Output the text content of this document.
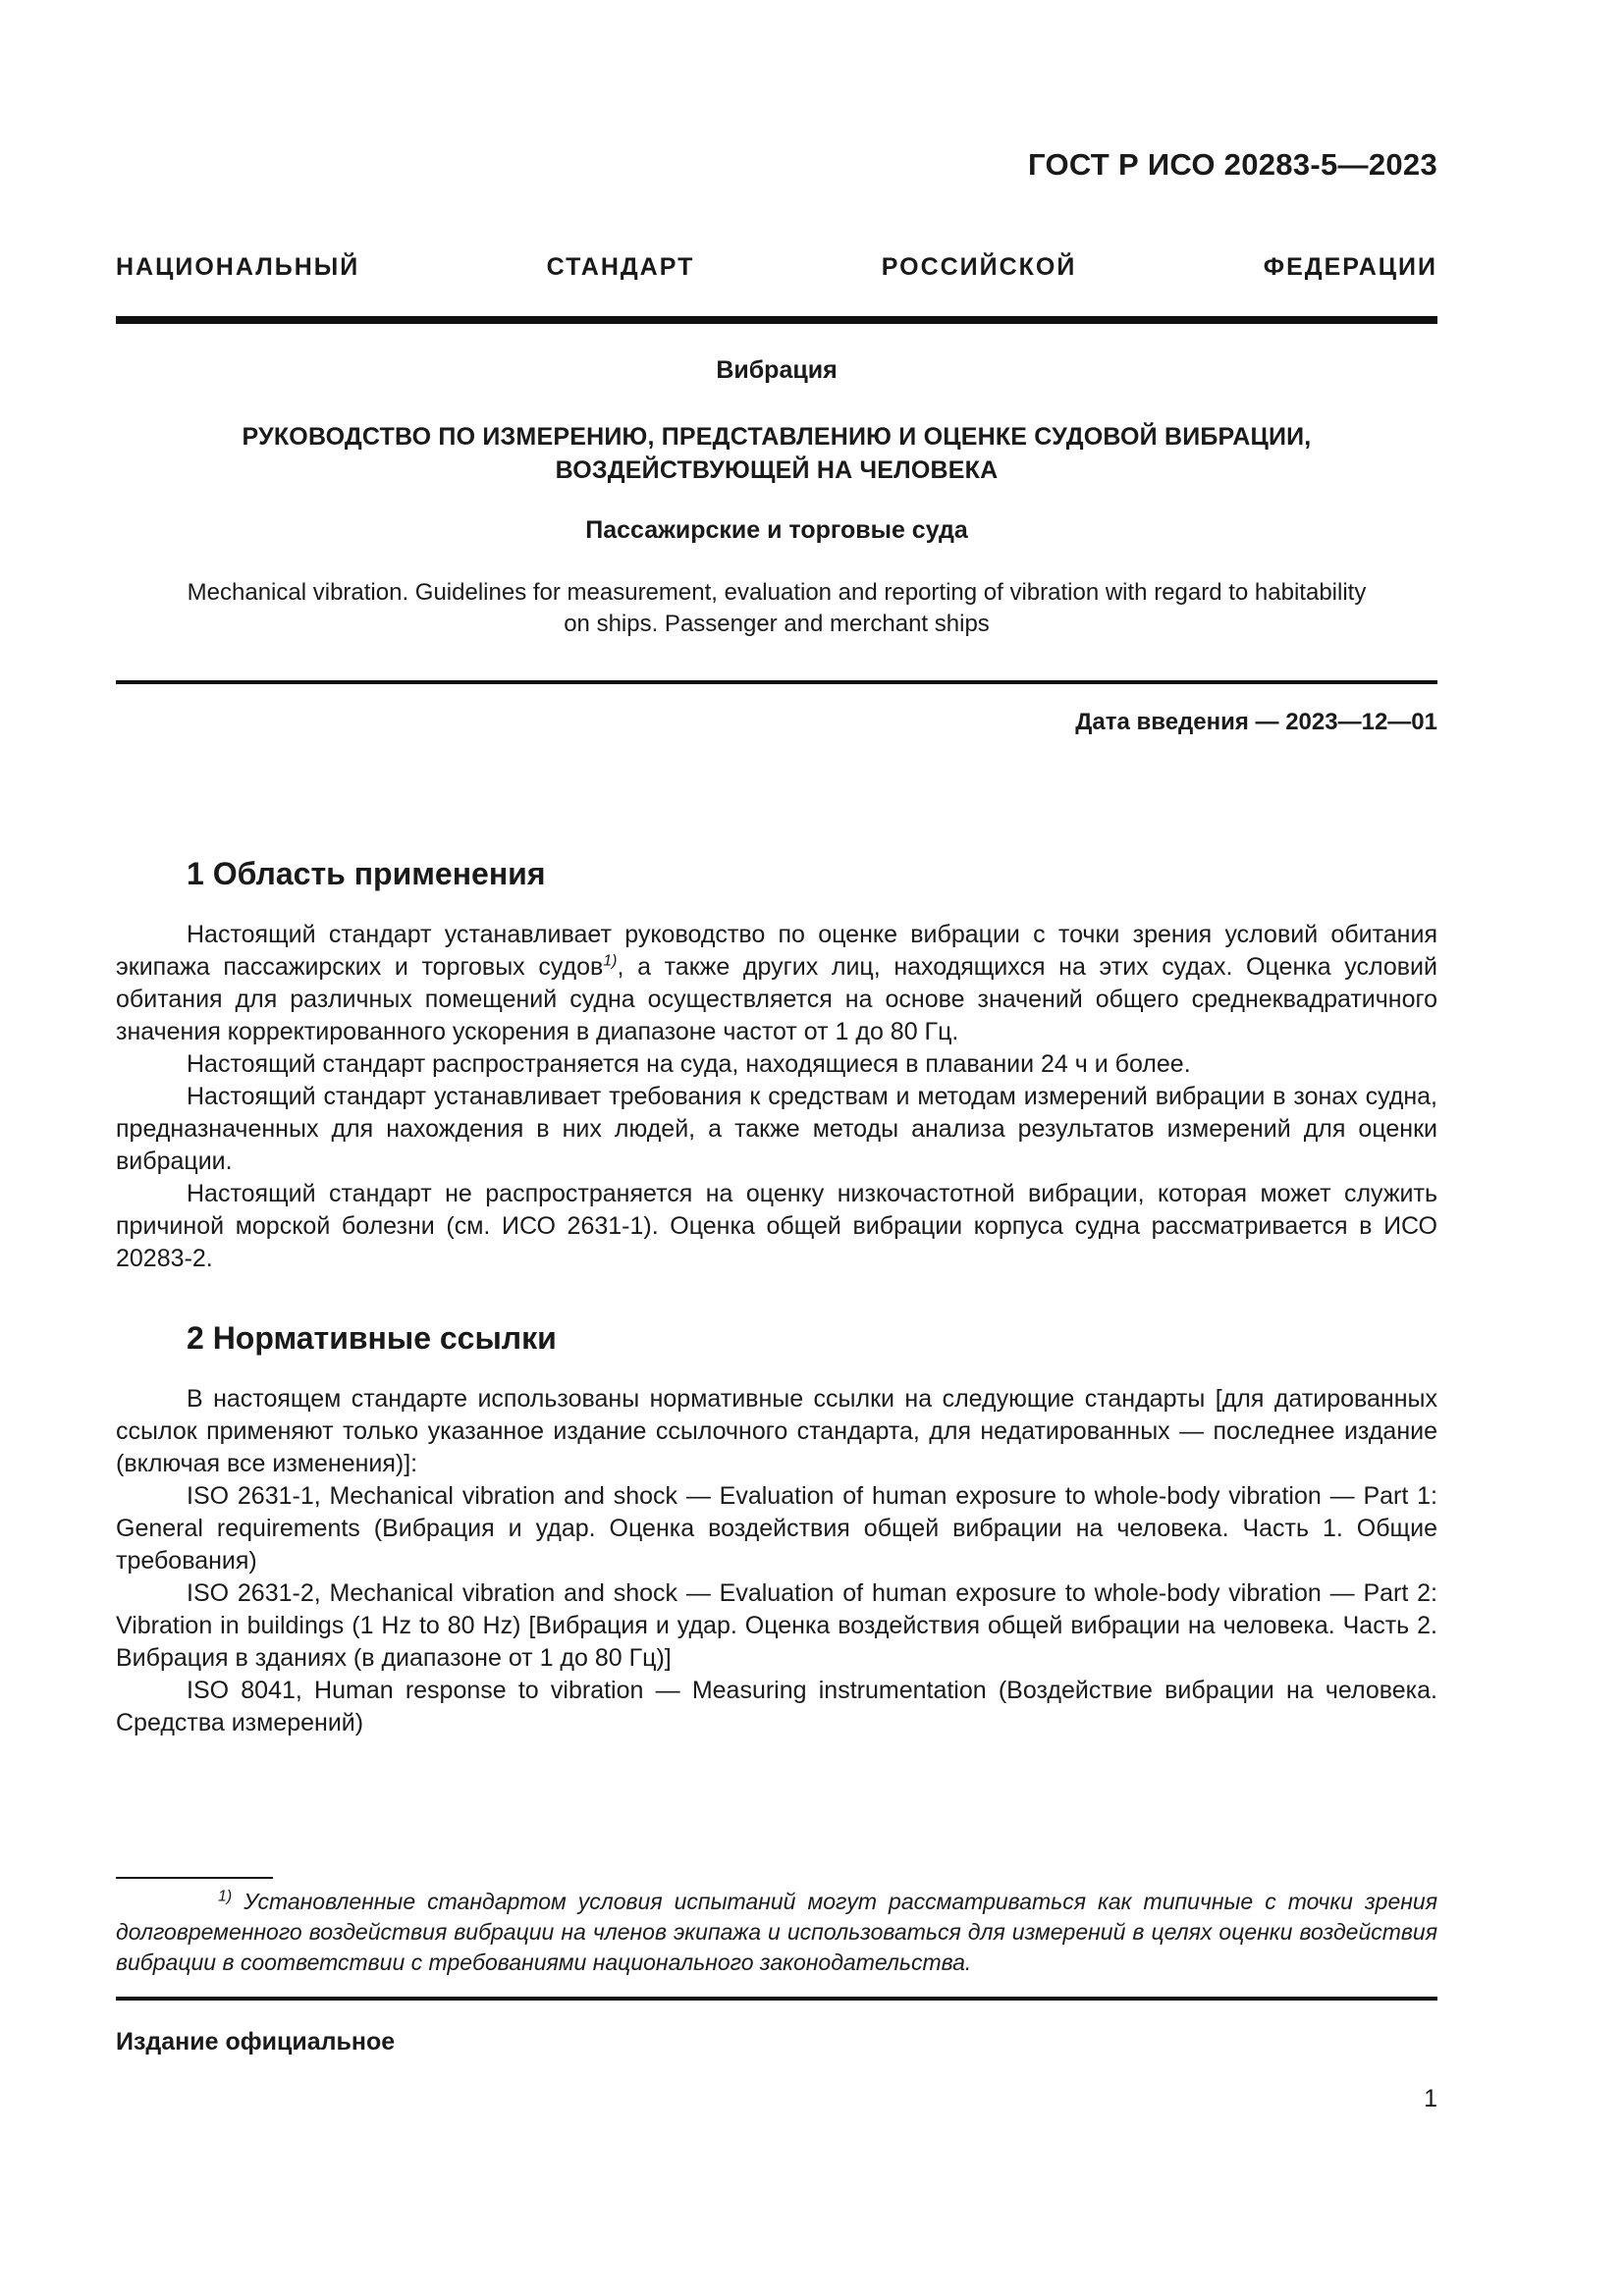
ГОСТ Р ИСО 20283-5—2023
НАЦИОНАЛЬНЫЙ СТАНДАРТ РОССИЙСКОЙ ФЕДЕРАЦИИ
Вибрация
РУКОВОДСТВО ПО ИЗМЕРЕНИЮ, ПРЕДСТАВЛЕНИЮ И ОЦЕНКЕ СУДОВОЙ ВИБРАЦИИ,
ВОЗДЕЙСТВУЮЩЕЙ НА ЧЕЛОВЕКА
Пассажирские и торговые суда
Mechanical vibration. Guidelines for measurement, evaluation and reporting of vibration with regard to habitability
on ships. Passenger and merchant ships
Дата введения — 2023—12—01
1 Область применения

Настоящий стандарт устанавливает руководство по оценке вибрации с точки зрения условий обитания экипажа пассажирских и торговых судов$^{1)}$, а также других лиц, находящихся на этих судах. Оценка условий обитания для различных помещений судна осуществляется на основе значений общего среднеквадратичного значения корректированного ускорения в диапазоне частот от 1 до 80 Гц.

Настоящий стандарт распространяется на суда, находящиеся в плавании 24 ч и более.

Настоящий стандарт устанавливает требования к средствам и методам измерений вибрации в зонах судна, предназначенных для нахождения в них людей, а также методы анализа результатов измерений для оценки вибрации.

Настоящий стандарт не распространяется на оценку низкочастотной вибрации, которая может служить причиной морской болезни (см. ИСО 2631-1). Оценка общей вибрации корпуса судна рассматривается в ИСО 20283-2.

2 Нормативные ссылки

В настоящем стандарте использованы нормативные ссылки на следующие стандарты [для датированных ссылок применяют только указанное издание ссылочного стандарта, для недатированных — последнее издание (включая все изменения)]:

ISO 2631-1, Mechanical vibration and shock — Evaluation of human exposure to whole-body vibration — Part 1: General requirements (Вибрация и удар. Оценка воздействия общей вибрации на человека. Часть 1. Общие требования)

ISO 2631-2, Mechanical vibration and shock — Evaluation of human exposure to whole-body vibration — Part 2: Vibration in buildings (1 Hz to 80 Hz) [Вибрация и удар. Оценка воздействия общей вибрации на человека. Часть 2. Вибрация в зданиях (в диапазоне от 1 до 80 Гц)]

ISO 8041, Human response to vibration — Measuring instrumentation (Воздействие вибрации на человека. Средства измерений)

$^{1)}$ Установленные стандартом условия испытаний могут рассматриваться как типичные с точки зрения долговременного воздействия вибрации на членов экипажа и использоваться для измерений в целях оценки воздействия вибрации в соответствии с требованиями национального законодательства.

Издание официальное
1
